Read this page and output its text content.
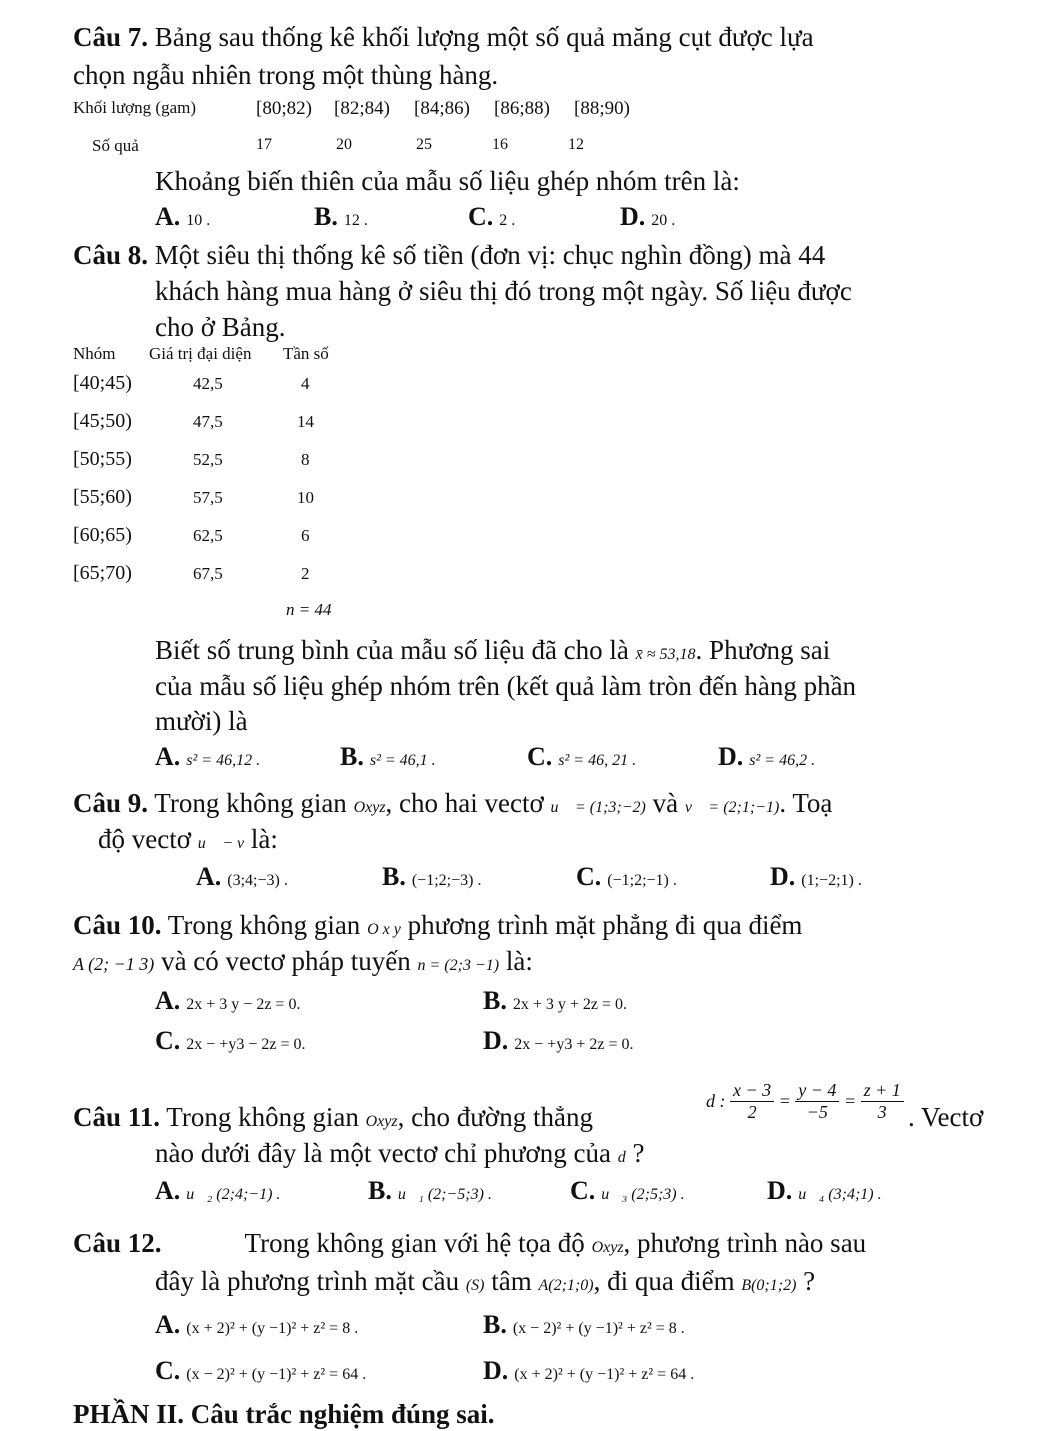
Câu 7. Bảng sau thống kê khối lượng một số quả măng cụt được lựa
chọn ngẫu nhiên trong một thùng hàng.
Khối lượng (gam)	[80;82) [82;84) [84;86) [86;88) [88;90)
Số quả	17	20	25	16	12
Khoảng biến thiên của mẫu số liệu ghép nhóm trên là:
A. 10 .	B. 12 .	C. 2 .	D. 20 .
Câu 8. Một siêu thị thống kê số tiền (đơn vị: chục nghìn đồng) mà 44
khách hàng mua hàng ở siêu thị đó trong một ngày. Số liệu được
cho ở Bảng.
Nhóm Giá trị đại diện Tần số
[40;45)	42,5	4
[45;50)	47,5	14
[50;55)	52,5	8
[55;60)	57,5	10
[60;65)	62,5	6
[65;70)	67,5	2
n = 44
Biết số trung bình của mẫu số liệu đã cho là x̄ ≈ 53,18. Phương sai
của mẫu số liệu ghép nhóm trên (kết quả làm tròn đến hàng phần
mười) là
A. s² = 46,12 .	B. s² = 46,1 .	C. s² = 46, 21 .	D. s² = 46,2 .
Câu 9. Trong không gian Oxyz, cho hai vectơ u⃗ = (1;3;−2) và v⃗ = (2;1;−1). Toạ
độ vectơ u⃗ − v là:
A. (3;4;−3) .	B. (−1;2;−3) .	C. (−1;2;−1) .	D. (1;−2;1) .
Câu 10. Trong không gian O x y phương trình mặt phẳng đi qua điểm
A (2; −1 3) và có vectơ pháp tuyến n = (2;3 −1) là:
A. 2x + 3 y − 2z = 0.	B. 2x + 3 y + 2z = 0.
C. 2x − +y3 − 2z = 0.	D. 2x − +y3 + 2z = 0.
Câu 11. Trong không gian Oxyz, cho đường thẳng
d : $\frac{x - 3}{2} = \frac{y - 4}{-5} = \frac{z + 1}{3}$ . Vectơ
nào dưới đây là một vectơ chỉ phương của d ?
A. u⃗₂ (2;4;−1) .	B. u⃗₁ (2;−5;3) .	C. u⃗₃ (2;5;3) .	D. u⃗₄ (3;4;1) .
Câu 12.	Trong không gian với hệ tọa độ Oxyz, phương trình nào sau
đây là phương trình mặt cầu (S) tâm A(2;1;0), đi qua điểm B(0;1;2) ?
A. (x + 2)² + (y −1)² + z² = 8 .	B. (x − 2)² + (y −1)² + z² = 8 .
C. (x − 2)² + (y −1)² + z² = 64 .	D. (x + 2)² + (y −1)² + z² = 64 .
PHẦN II. Câu trắc nghiệm đúng sai.
